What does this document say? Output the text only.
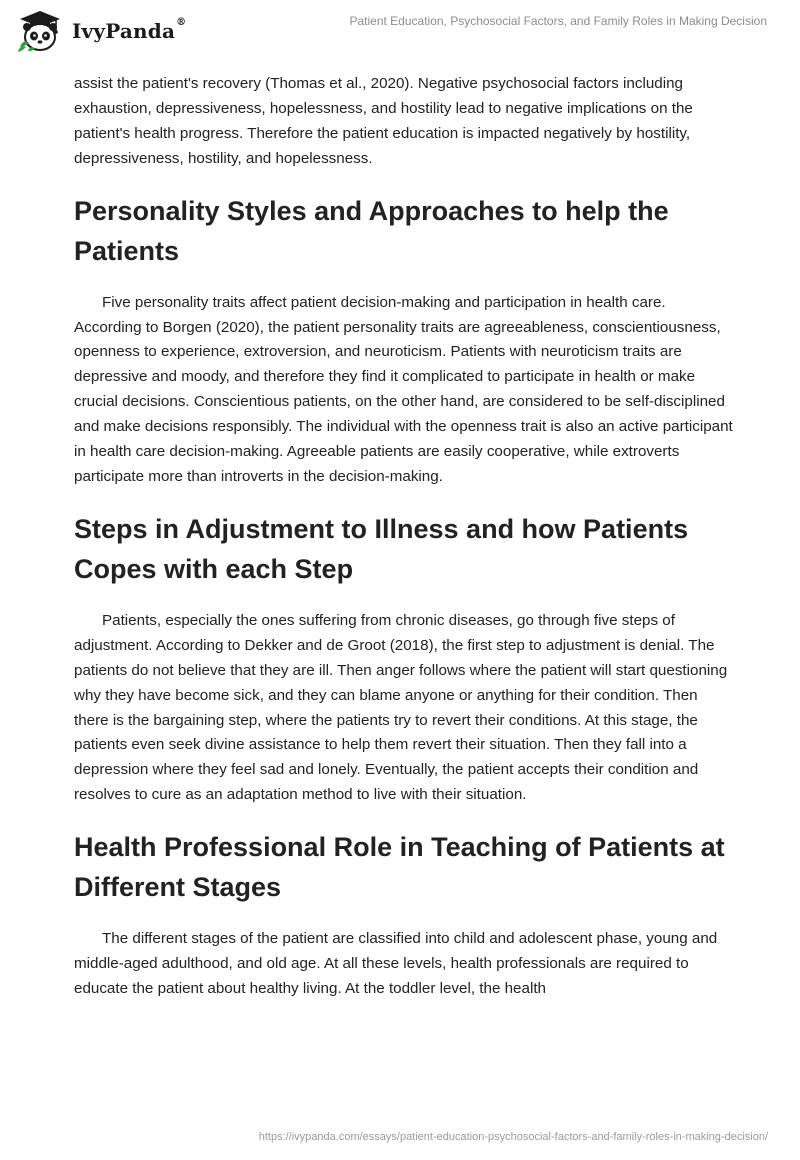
IvyPanda®	Patient Education, Psychosocial Factors, and Family Roles in Making Decision

assist the patient's recovery (Thomas et al., 2020). Negative psychosocial factors including exhaustion, depressiveness, hopelessness, and hostility lead to negative implications on the patient's health progress. Therefore the patient education is impacted negatively by hostility, depressiveness, hostility, and hopelessness.

Personality Styles and Approaches to help the Patients

Five personality traits affect patient decision-making and participation in health care. According to Borgen (2020), the patient personality traits are agreeableness, conscientiousness, openness to experience, extroversion, and neuroticism. Patients with neuroticism traits are depressive and moody, and therefore they find it complicated to participate in health or make crucial decisions. Conscientious patients, on the other hand, are considered to be self-disciplined and make decisions responsibly. The individual with the openness trait is also an active participant in health care decision-making. Agreeable patients are easily cooperative, while extroverts participate more than introverts in the decision-making.

Steps in Adjustment to Illness and how Patients Copes with each Step

Patients, especially the ones suffering from chronic diseases, go through five steps of adjustment. According to Dekker and de Groot (2018), the first step to adjustment is denial. The patients do not believe that they are ill. Then anger follows where the patient will start questioning why they have become sick, and they can blame anyone or anything for their condition. Then there is the bargaining step, where the patients try to revert their conditions. At this stage, the patients even seek divine assistance to help them revert their situation. Then they fall into a depression where they feel sad and lonely. Eventually, the patient accepts their condition and resolves to cure as an adaptation method to live with their situation.

Health Professional Role in Teaching of Patients at Different Stages

The different stages of the patient are classified into child and adolescent phase, young and middle-aged adulthood, and old age. At all these levels, health professionals are required to educate the patient about healthy living. At the toddler level, the health

https://ivypanda.com/essays/patient-education-psychosocial-factors-and-family-roles-in-making-decision/
